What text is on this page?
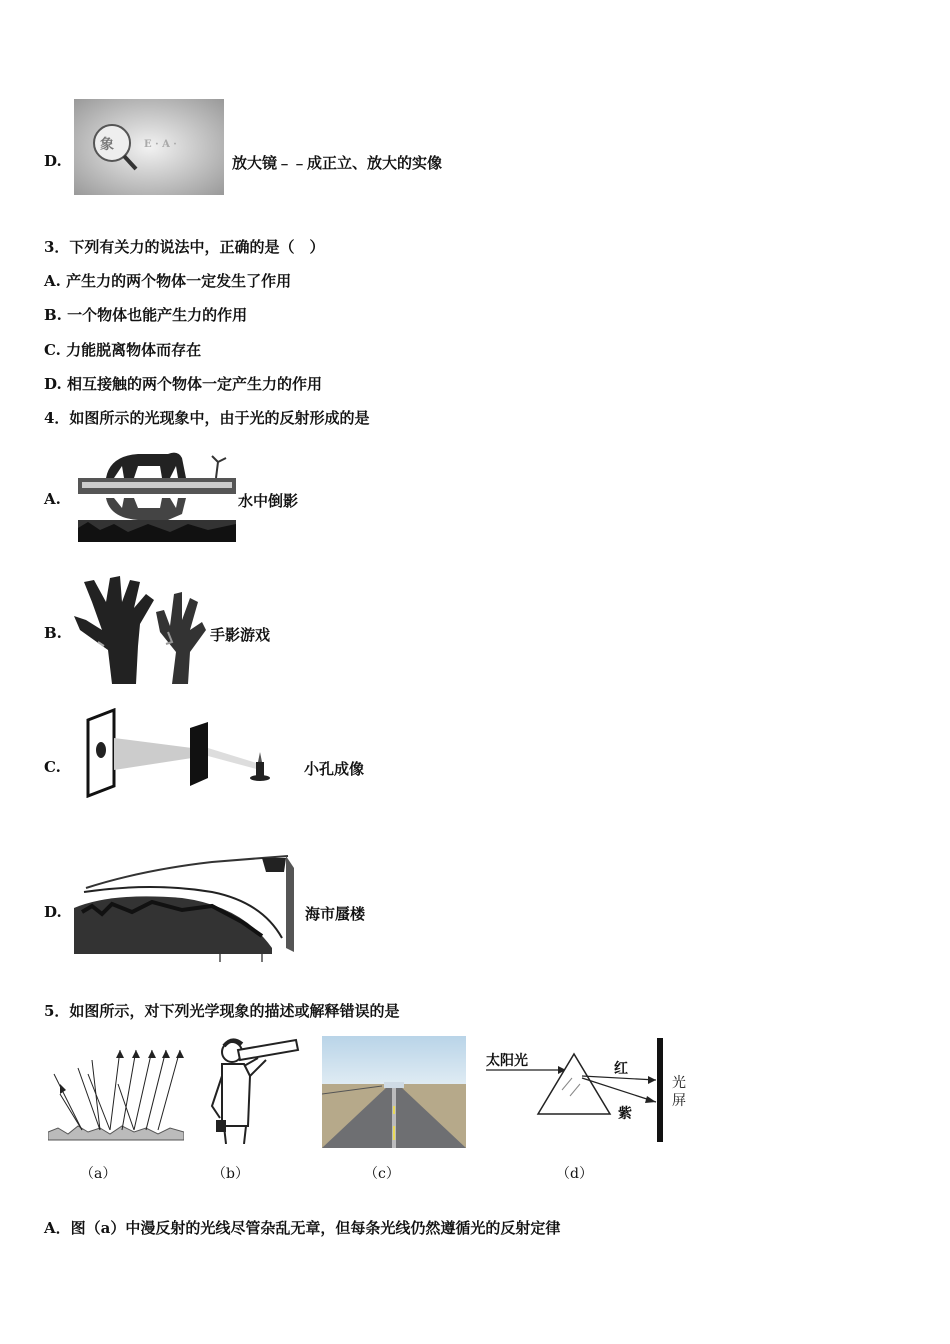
D.
象	E · A ·
放大镜﹣﹣成正立、放大的实像
3．下列有关力的说法中，正确的是（　）
A. 产生力的两个物体一定发生了作用
B. 一个物体也能产生力的作用
C. 力能脱离物体而存在
D. 相互接触的两个物体一定产生力的作用
4．如图所示的光现象中，由于光的反射形成的是
A.	水中倒影
B.	手影游戏
C.	小孔成像
D.	海市蜃楼
5．如图所示，对下列光学现象的描述或解释错误的是
太阳光	红
紫
光屏
（a）	（b）	（c）	（d）
A．图（a）中漫反射的光线尽管杂乱无章，但每条光线仍然遵循光的反射定律
